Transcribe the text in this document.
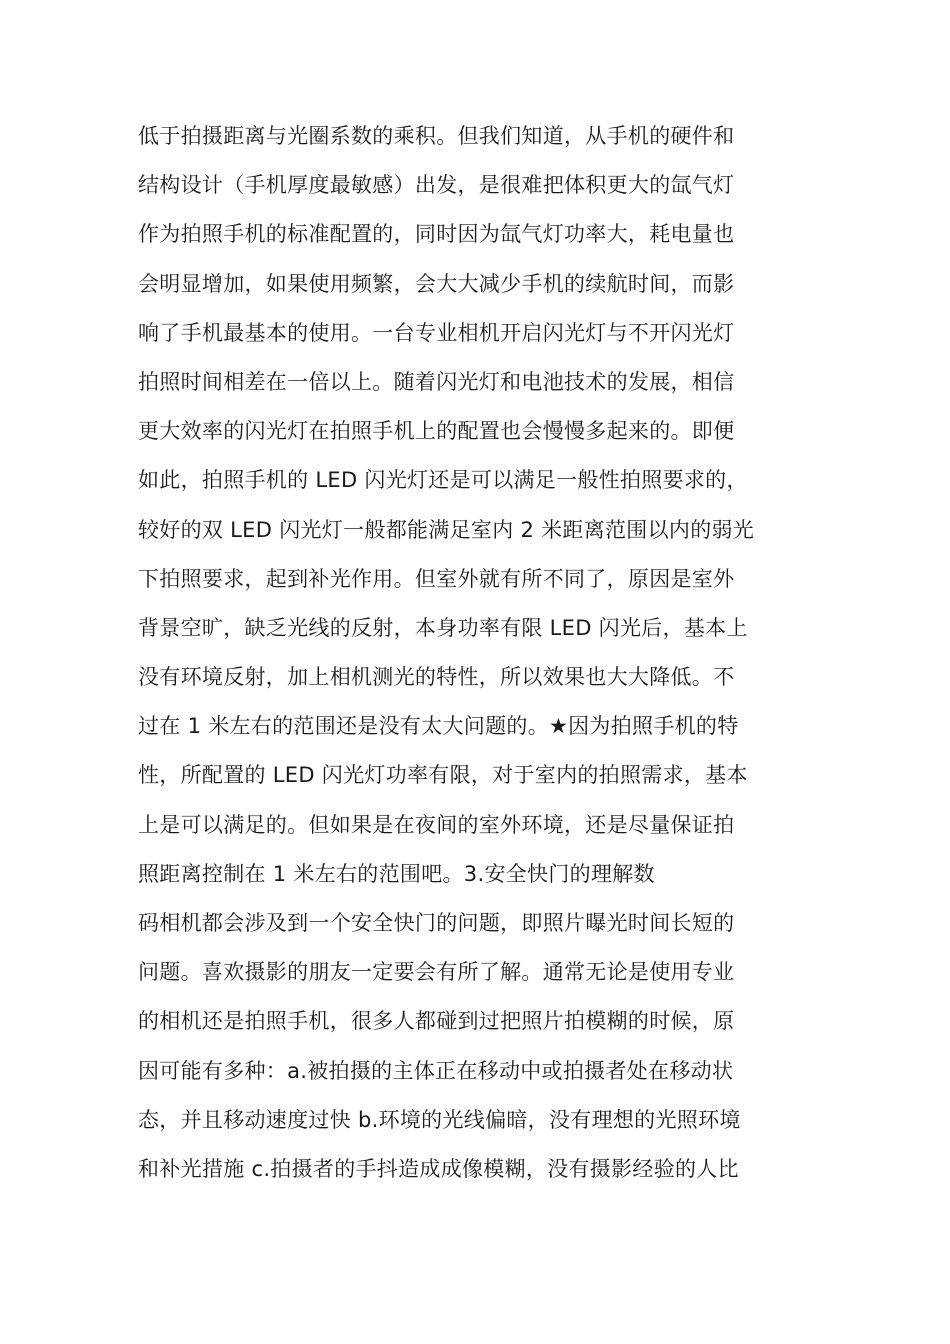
低于拍摄距离与光圈系数的乘积。但我们知道，从手机的硬件和
结构设计（手机厚度最敏感）出发，是很难把体积更大的氙气灯
作为拍照手机的标准配置的，同时因为氙气灯功率大，耗电量也
会明显增加，如果使用频繁，会大大减少手机的续航时间，而影
响了手机最基本的使用。一台专业相机开启闪光灯与不开闪光灯
拍照时间相差在一倍以上。随着闪光灯和电池技术的发展，相信
更大效率的闪光灯在拍照手机上的配置也会慢慢多起来的。即便
如此，拍照手机的 LED 闪光灯还是可以满足一般性拍照要求的，
较好的双 LED 闪光灯一般都能满足室内 2 米距离范围以内的弱光
下拍照要求，起到补光作用。但室外就有所不同了，原因是室外
背景空旷，缺乏光线的反射，本身功率有限 LED 闪光后，基本上
没有环境反射，加上相机测光的特性，所以效果也大大降低。不
过在 1 米左右的范围还是没有太大问题的。★因为拍照手机的特
性，所配置的 LED 闪光灯功率有限，对于室内的拍照需求，基本
上是可以满足的。但如果是在夜间的室外环境，还是尽量保证拍
照距离控制在 1 米左右的范围吧。3.安全快门的理解数
码相机都会涉及到一个安全快门的问题，即照片曝光时间长短的
问题。喜欢摄影的朋友一定要会有所了解。通常无论是使用专业
的相机还是拍照手机，很多人都碰到过把照片拍模糊的时候，原
因可能有多种：a.被拍摄的主体正在移动中或拍摄者处在移动状
态，并且移动速度过快 b.环境的光线偏暗，没有理想的光照环境
和补光措施 c.拍摄者的手抖造成成像模糊，没有摄影经验的人比
